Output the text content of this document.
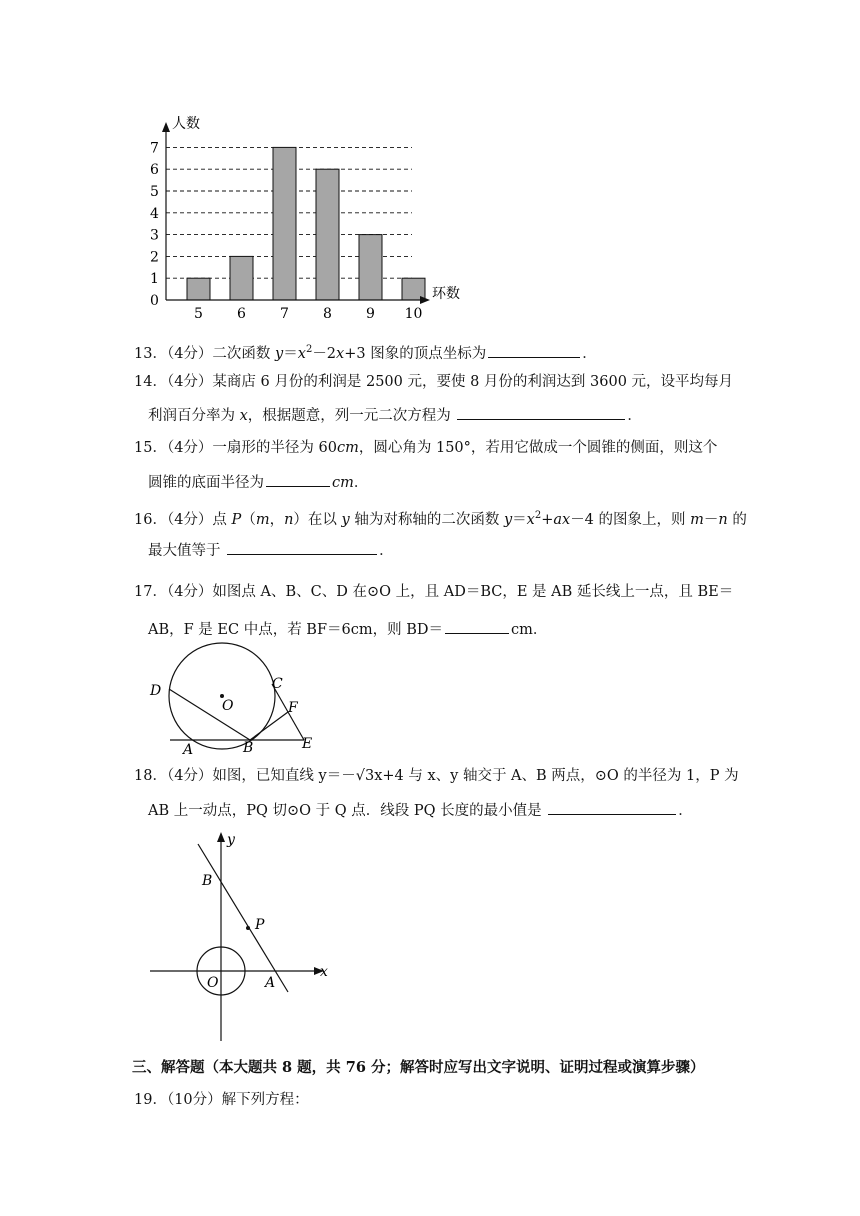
0
1
2
3
4
5
6
7
5 6 7 8 9 10
人数
环数
13．（4分）二次函数 $y=x^2-2x+3$ 图象的顶点坐标为	．
14．（4分）某商店 6 月份的利润是 2500 元，要使 8 月份的利润达到 3600 元，设平均每月
利润百分率为 x，根据题意，列一元二次方程为	．
15．（4分）一扇形的半径为 60cm，圆心角为 150°，若用它做成一个圆锥的侧面，则这个
圆锥的底面半径为	cm．
16．（4分）点 P（m，n）在以 y 轴为对称轴的二次函数 $y=x^2+ax-4$ 的图象上，则 m－n 的
最大值等于	．
17．（4分）如图点 A、B、C、D 在⊙O 上，且 AD＝BC，E 是 AB 延长线上一点，且 BE＝
AB，F 是 EC 中点，若 BF＝6cm，则 BD＝	cm．
D
O
C
F
A	B	E
18．（4分）如图，已知直线 y＝－√3x+4 与 x、y 轴交于 A、B 两点，⊙O 的半径为 1，P 为
AB 上一动点，PQ 切⊙O 于 Q 点．线段 PQ 长度的最小值是	．
y
x
B
P
O	A
三、解答题（本大题共 8 题，共 76 分；解答时应写出文字说明、证明过程或演算步骤）
19．（10分）解下列方程：
